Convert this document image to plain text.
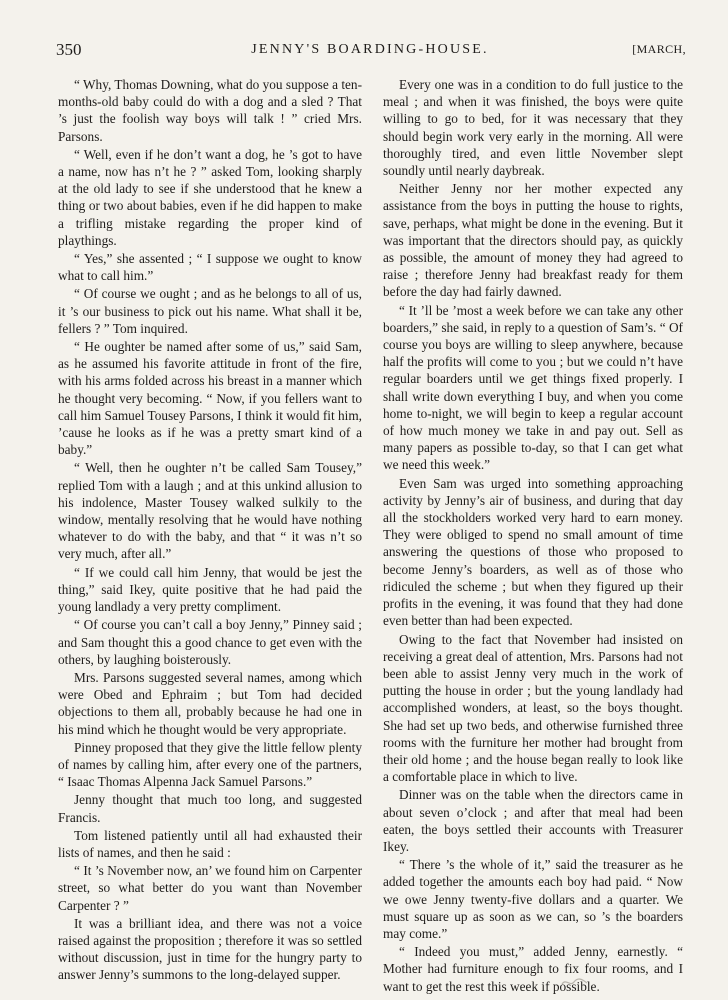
350	JENNY'S BOARDING-HOUSE.	[MARCH,

“ Why, Thomas Downing, what do you suppose a ten-months-old baby could do with a dog and a sled ? That ’s just the foolish way boys will talk ! ” cried Mrs. Parsons.

“ Well, even if he don’t want a dog, he ’s got to have a name, now has n’t he ? ” asked Tom, looking sharply at the old lady to see if she understood that he knew a thing or two about babies, even if he did happen to make a trifling mistake regarding the proper kind of playthings.

“ Yes,” she assented ; “ I suppose we ought to know what to call him.”

“ Of course we ought ; and as he belongs to all of us, it ’s our business to pick out his name. What shall it be, fellers ? ” Tom inquired.

“ He oughter be named after some of us,” said Sam, as he assumed his favorite attitude in front of the fire, with his arms folded across his breast in a manner which he thought very becoming. “ Now, if you fellers want to call him Samuel Tousey Parsons, I think it would fit him, ’cause he looks as if he was a pretty smart kind of a baby.”

“ Well, then he oughter n’t be called Sam Tousey,” replied Tom with a laugh ; and at this unkind allusion to his indolence, Master Tousey walked sulkily to the window, mentally resolving that he would have nothing whatever to do with the baby, and that “ it was n’t so very much, after all.”

“ If we could call him Jenny, that would be jest the thing,” said Ikey, quite positive that he had paid the young landlady a very pretty compliment.

“ Of course you can’t call a boy Jenny,” Pinney said ; and Sam thought this a good chance to get even with the others, by laughing boisterously.

Mrs. Parsons suggested several names, among which were Obed and Ephraim ; but Tom had decided objections to them all, probably because he had one in his mind which he thought would be very appropriate.

Pinney proposed that they give the little fellow plenty of names by calling him, after every one of the partners, “ Isaac Thomas Alpenna Jack Samuel Parsons.”

Jenny thought that much too long, and suggested Francis.

Tom listened patiently until all had exhausted their lists of names, and then he said :

“ It ’s November now, an’ we found him on Carpenter street, so what better do you want than November Carpenter ? ”

It was a brilliant idea, and there was not a voice raised against the proposition ; therefore it was so settled without discussion, just in time for the hungry party to answer Jenny’s summons to the long-delayed supper.

Every one was in a condition to do full justice to the meal ; and when it was finished, the boys were quite willing to go to bed, for it was necessary that they should begin work very early in the morning. All were thoroughly tired, and even little November slept soundly until nearly daybreak.

Neither Jenny nor her mother expected any assistance from the boys in putting the house to rights, save, perhaps, what might be done in the evening. But it was important that the directors should pay, as quickly as possible, the amount of money they had agreed to raise ; therefore Jenny had breakfast ready for them before the day had fairly dawned.

“ It ’ll be ’most a week before we can take any other boarders,” she said, in reply to a question of Sam’s. “ Of course you boys are willing to sleep anywhere, because half the profits will come to you ; but we could n’t have regular boarders until we get things fixed properly. I shall write down everything I buy, and when you come home to-night, we will begin to keep a regular account of how much money we take in and pay out. Sell as many papers as possible to-day, so that I can get what we need this week.”

Even Sam was urged into something approaching activity by Jenny’s air of business, and during that day all the stockholders worked very hard to earn money. They were obliged to spend no small amount of time answering the questions of those who proposed to become Jenny’s boarders, as well as of those who ridiculed the scheme ; but when they figured up their profits in the evening, it was found that they had done even better than had been expected.

Owing to the fact that November had insisted on receiving a great deal of attention, Mrs. Parsons had not been able to assist Jenny very much in the work of putting the house in order ; but the young landlady had accomplished wonders, at least, so the boys thought. She had set up two beds, and otherwise furnished three rooms with the furniture her mother had brought from their old home ; and the house began really to look like a comfortable place in which to live.

Dinner was on the table when the directors came in about seven o’clock ; and after that meal had been eaten, the boys settled their accounts with Treasurer Ikey.

“ There ’s the whole of it,” said the treasurer as he added together the amounts each boy had paid. “ Now we owe Jenny twenty-five dollars and a quarter. We must square up as soon as we can, so ’s the boarders may come.”

“ Indeed you must,” added Jenny, earnestly. “ Mother had furniture enough to fix four rooms, and I want to get the rest this week if possible.
